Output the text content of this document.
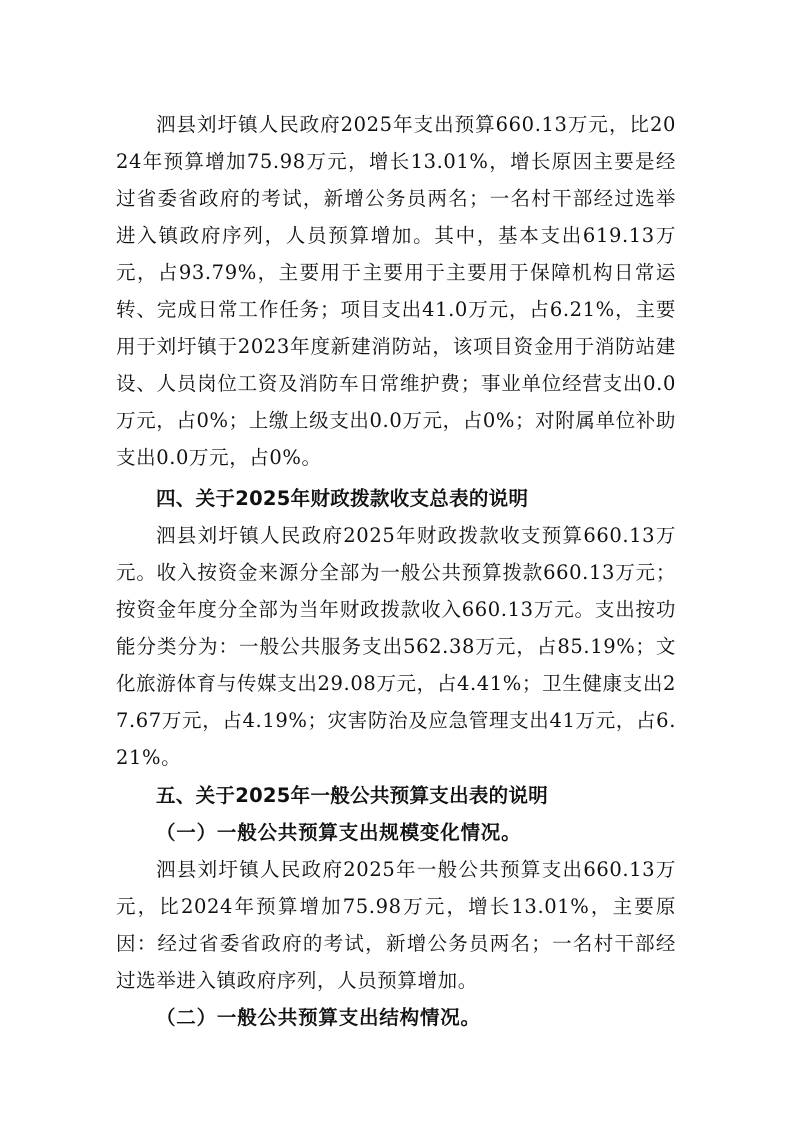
泗县刘圩镇人民政府2025年支出预算660.13万元，比2024年预算增加75.98万元，增长13.01%，增长原因主要是经过省委省政府的考试，新增公务员两名；一名村干部经过选举进入镇政府序列，人员预算增加。其中，基本支出619.13万元，占93.79%，主要用于主要用于主要用于保障机构日常运转、完成日常工作任务；项目支出41.0万元，占6.21%，主要用于刘圩镇于2023年度新建消防站，该项目资金用于消防站建设、人员岗位工资及消防车日常维护费；事业单位经营支出0.0万元，占0%；上缴上级支出0.0万元，占0%；对附属单位补助支出0.0万元，占0%。

四、关于2025年财政拨款收支总表的说明

泗县刘圩镇人民政府2025年财政拨款收支预算660.13万元。收入按资金来源分全部为一般公共预算拨款660.13万元；按资金年度分全部为当年财政拨款收入660.13万元。支出按功能分类分为：一般公共服务支出562.38万元，占85.19%；文化旅游体育与传媒支出29.08万元，占4.41%；卫生健康支出27.67万元，占4.19%；灾害防治及应急管理支出41万元，占6.21%。

五、关于2025年一般公共预算支出表的说明

（一）一般公共预算支出规模变化情况。

泗县刘圩镇人民政府2025年一般公共预算支出660.13万元，比2024年预算增加75.98万元，增长13.01%，主要原因：经过省委省政府的考试，新增公务员两名；一名村干部经过选举进入镇政府序列，人员预算增加。

（二）一般公共预算支出结构情况。
